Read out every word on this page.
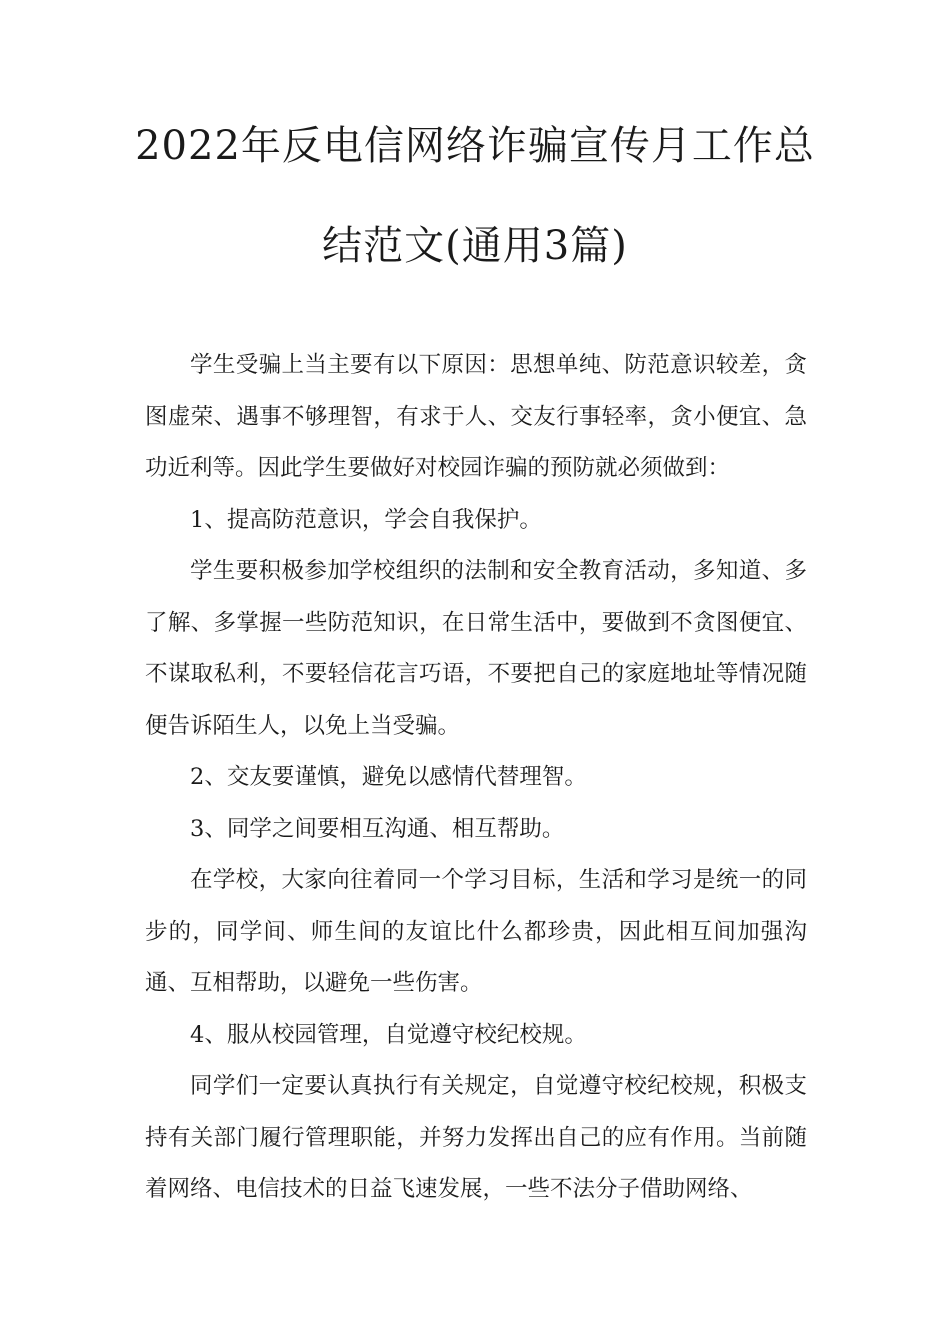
2022年反电信网络诈骗宣传月工作总
结范文(通用3篇)

学生受骗上当主要有以下原因：思想单纯、防范意识较差，贪图虚荣、遇事不够理智，有求于人、交友行事轻率，贪小便宜、急功近利等。因此学生要做好对校园诈骗的预防就必须做到：

1、提高防范意识，学会自我保护。

学生要积极参加学校组织的法制和安全教育活动，多知道、多了解、多掌握一些防范知识，在日常生活中，要做到不贪图便宜、不谋取私利，不要轻信花言巧语，不要把自己的家庭地址等情况随便告诉陌生人，以免上当受骗。

2、交友要谨慎，避免以感情代替理智。

3、同学之间要相互沟通、相互帮助。

在学校，大家向往着同一个学习目标，生活和学习是统一的同步的，同学间、师生间的友谊比什么都珍贵，因此相互间加强沟通、互相帮助，以避免一些伤害。

4、服从校园管理，自觉遵守校纪校规。

同学们一定要认真执行有关规定，自觉遵守校纪校规，积极支持有关部门履行管理职能，并努力发挥出自己的应有作用。当前随着网络、电信技术的日益飞速发展，一些不法分子借助网络、
